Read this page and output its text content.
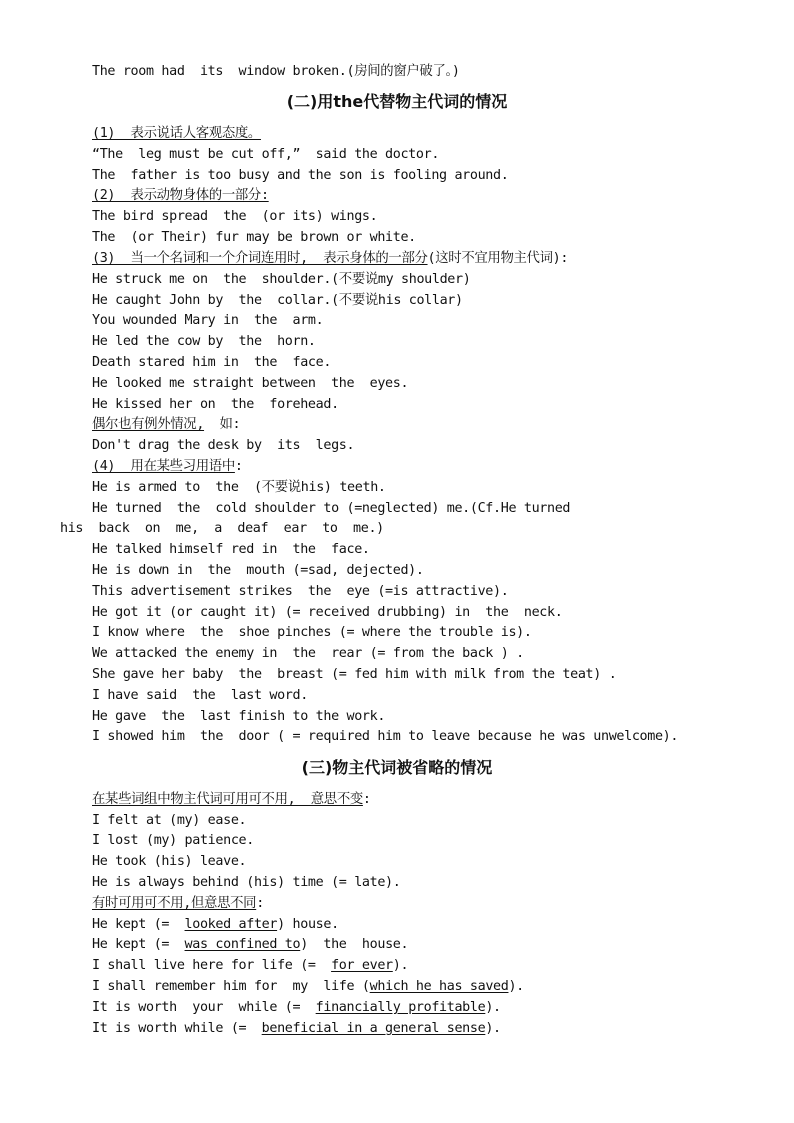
The room had  its  window broken.(房间的窗户破了。)
(二)用the代替物主代词的情况
(1)  表示说话人客观态度。
“The  leg must be cut off,”  said the doctor.
The  father is too busy and the son is fooling around.
(2)  表示动物身体的一部分:
The bird spread  the  (or its) wings.
The  (or Their) fur may be brown or white.
(3)  当一个名词和一个介词连用时,  表示身体的一部分(这时不宜用物主代词):
He struck me on  the  shoulder.(不要说my shoulder)
He caught John by  the  collar.(不要说his collar)
You wounded Mary in  the  arm.
He led the cow by  the  horn.
Death stared him in  the  face.
He looked me straight between  the  eyes.
He kissed her on  the  forehead.
偶尔也有例外情况,  如:
Don't drag the desk by  its  legs.
(4)  用在某些习用语中:
He is armed to  the  (不要说his) teeth.
He turned  the  cold shoulder to (=neglected) me.(Cf.He turned
his  back  on  me,  a  deaf  ear  to  me.)
He talked himself red in  the  face.
He is down in  the  mouth (=sad, dejected).
This advertisement strikes  the  eye (=is attractive).
He got it (or caught it) (= received drubbing) in  the  neck.
I know where  the  shoe pinches (= where the trouble is).
We attacked the enemy in  the  rear (= from the back ) .
She gave her baby  the  breast (= fed him with milk from the teat) .
I have said  the  last word.
He gave  the  last finish to the work.
I showed him  the  door ( = required him to leave because he was unwelcome).
(三)物主代词被省略的情况
在某些词组中物主代词可用可不用,  意思不变:
I felt at (my) ease.
I lost (my) patience.
He took (his) leave.
He is always behind (his) time (= late).
有时可用可不用,但意思不同:
He kept (=  looked after) house.
He kept (=  was confined to)  the  house.
I shall live here for life (=  for ever).
I shall remember him for  my  life (which he has saved).
It is worth  your  while (=  financially profitable).
It is worth while (=  beneficial in a general sense).
